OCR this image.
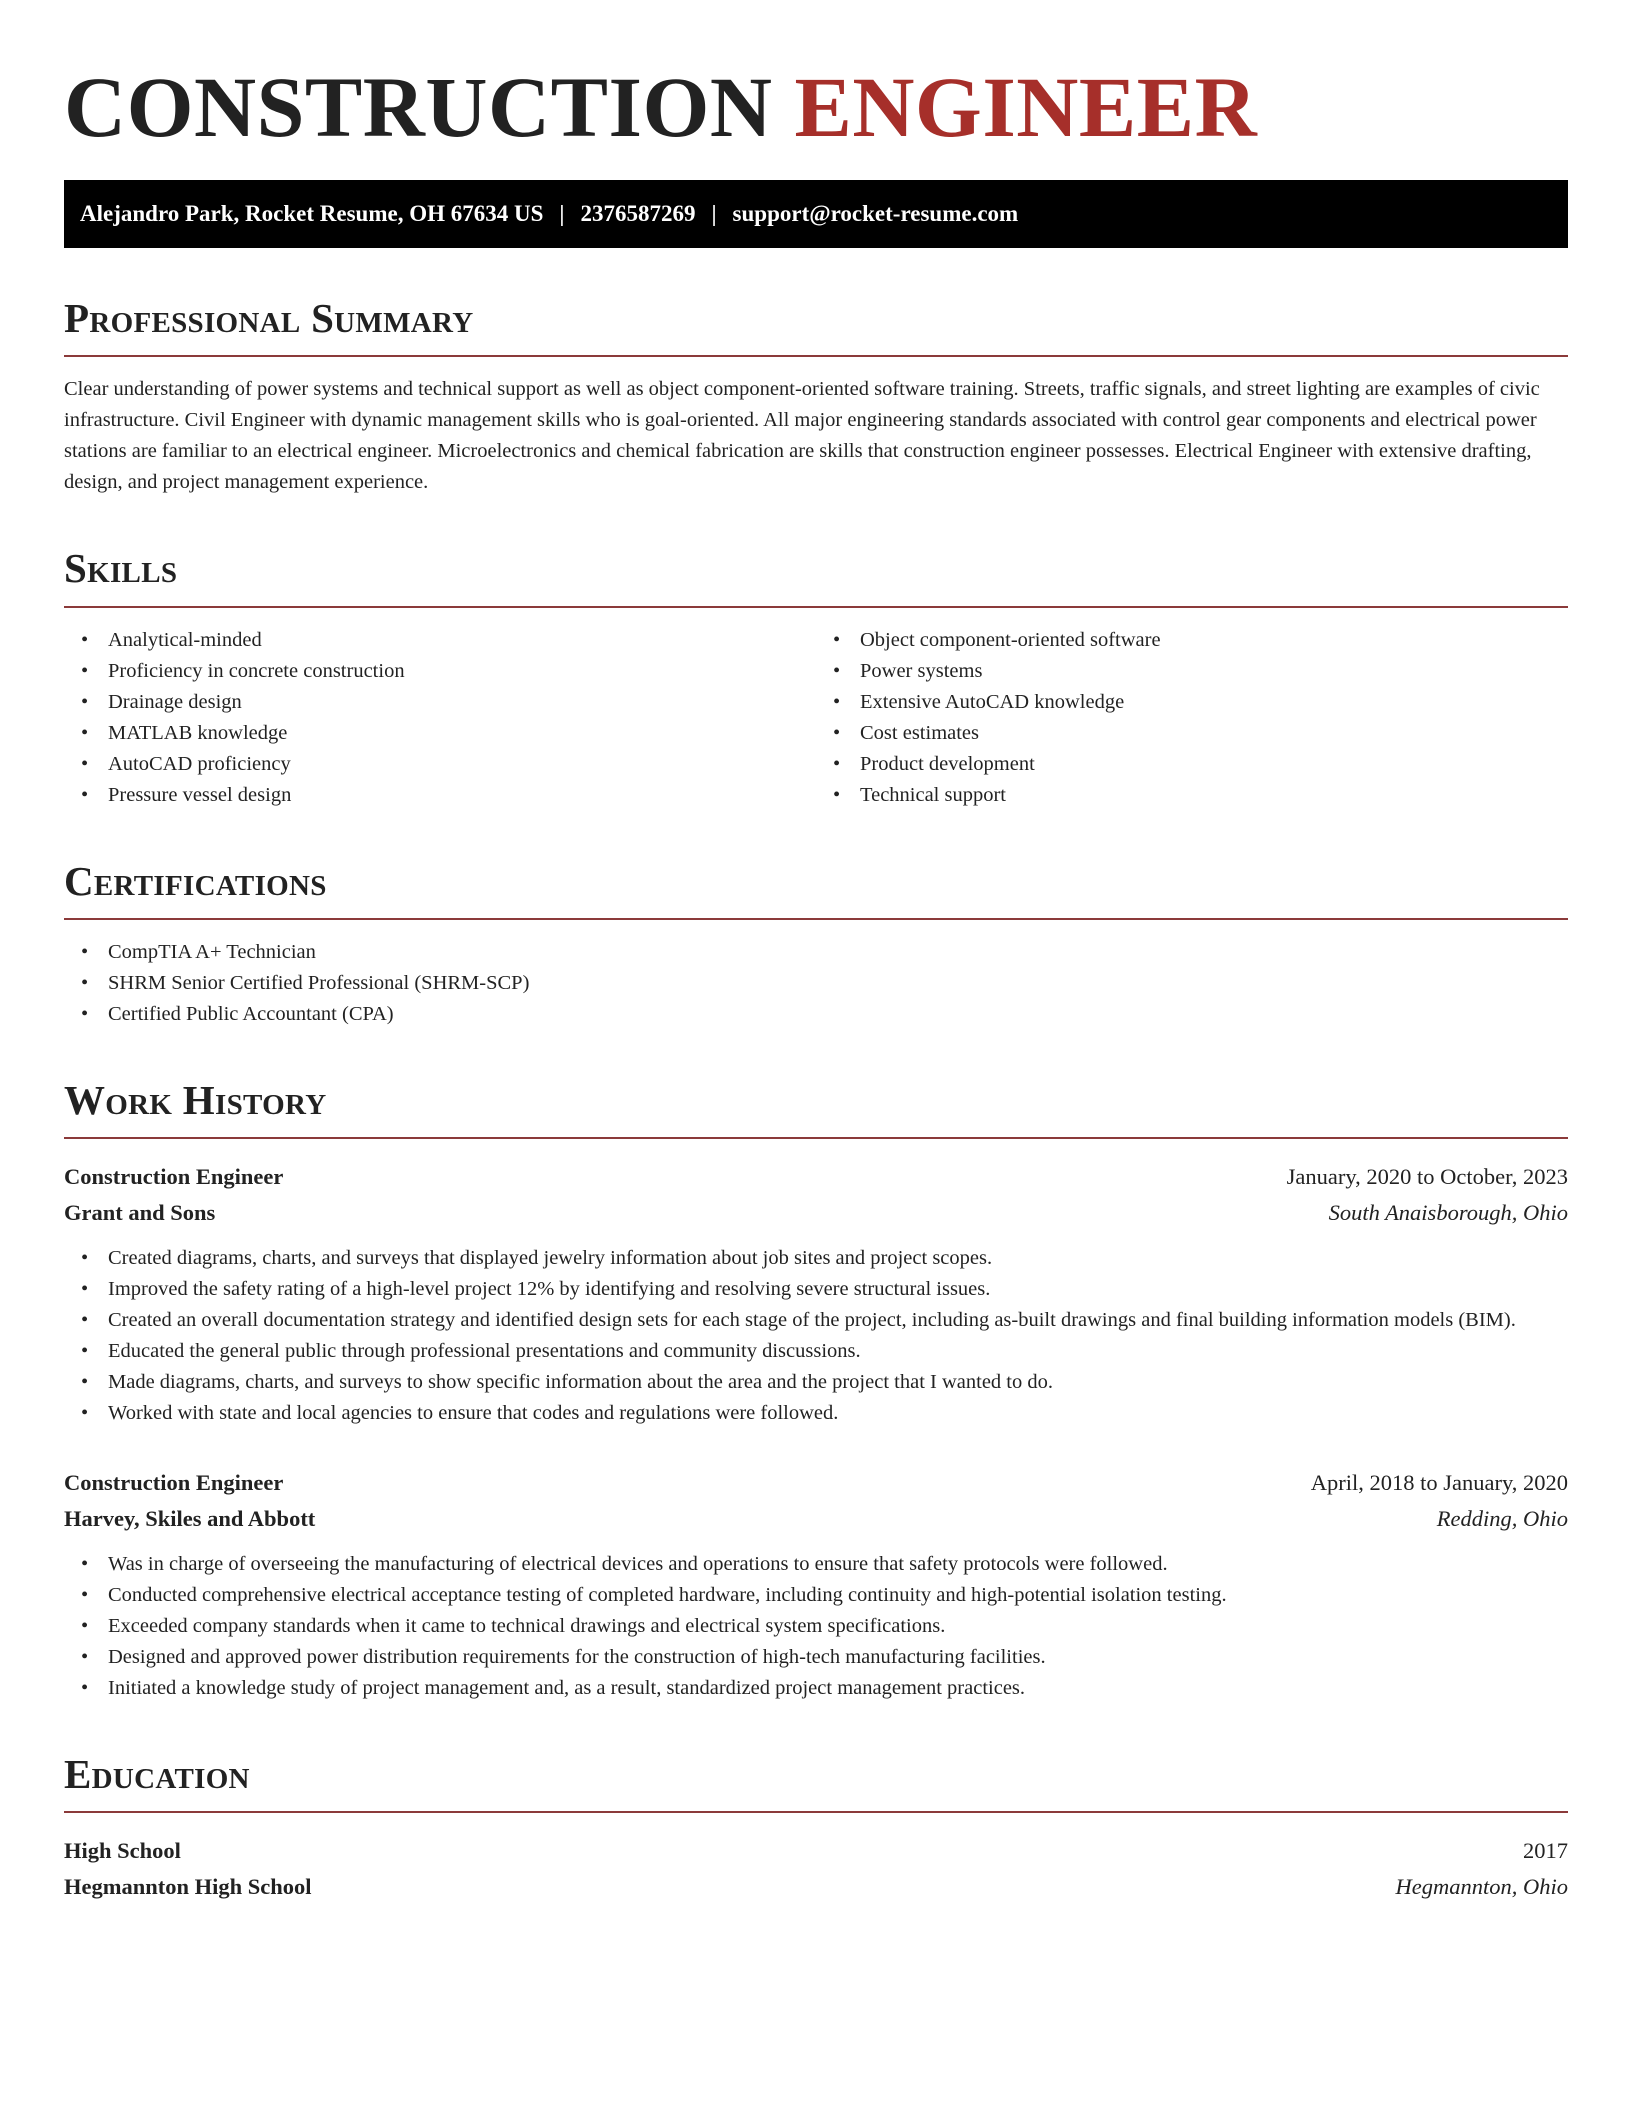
CONSTRUCTION ENGINEER
Alejandro Park, Rocket Resume, OH 67634 US | 2376587269 | support@rocket-resume.com
Professional Summary

Clear understanding of power systems and technical support as well as object component-oriented software training. Streets, traffic signals, and street lighting are examples of civic infrastructure. Civil Engineer with dynamic management skills who is goal-oriented. All major engineering standards associated with control gear components and electrical power stations are familiar to an electrical engineer. Microelectronics and chemical fabrication are skills that construction engineer possesses. Electrical Engineer with extensive drafting, design, and project management experience.

Skills
• Analytical-minded
• Proficiency in concrete construction
• Drainage design
• MATLAB knowledge
• AutoCAD proficiency
• Pressure vessel design
• Object component-oriented software
• Power systems
• Extensive AutoCAD knowledge
• Cost estimates
• Product development
• Technical support
Certifications
• CompTIA A+ Technician
• SHRM Senior Certified Professional (SHRM-SCP)
• Certified Public Accountant (CPA)
Work History
Construction Engineer	January, 2020 to October, 2023
Grant and Sons	South Anaisborough, Ohio
• Created diagrams, charts, and surveys that displayed jewelry information about job sites and project scopes.
• Improved the safety rating of a high-level project 12% by identifying and resolving severe structural issues.
• Created an overall documentation strategy and identified design sets for each stage of the project, including as-built drawings and final building information models (BIM).
• Educated the general public through professional presentations and community discussions.
• Made diagrams, charts, and surveys to show specific information about the area and the project that I wanted to do.
• Worked with state and local agencies to ensure that codes and regulations were followed.
Construction Engineer	April, 2018 to January, 2020
Harvey, Skiles and Abbott	Redding, Ohio
• Was in charge of overseeing the manufacturing of electrical devices and operations to ensure that safety protocols were followed.
• Conducted comprehensive electrical acceptance testing of completed hardware, including continuity and high-potential isolation testing.
• Exceeded company standards when it came to technical drawings and electrical system specifications.
• Designed and approved power distribution requirements for the construction of high-tech manufacturing facilities.
• Initiated a knowledge study of project management and, as a result, standardized project management practices.
Education
High School	2017
Hegmannton High School	Hegmannton, Ohio
